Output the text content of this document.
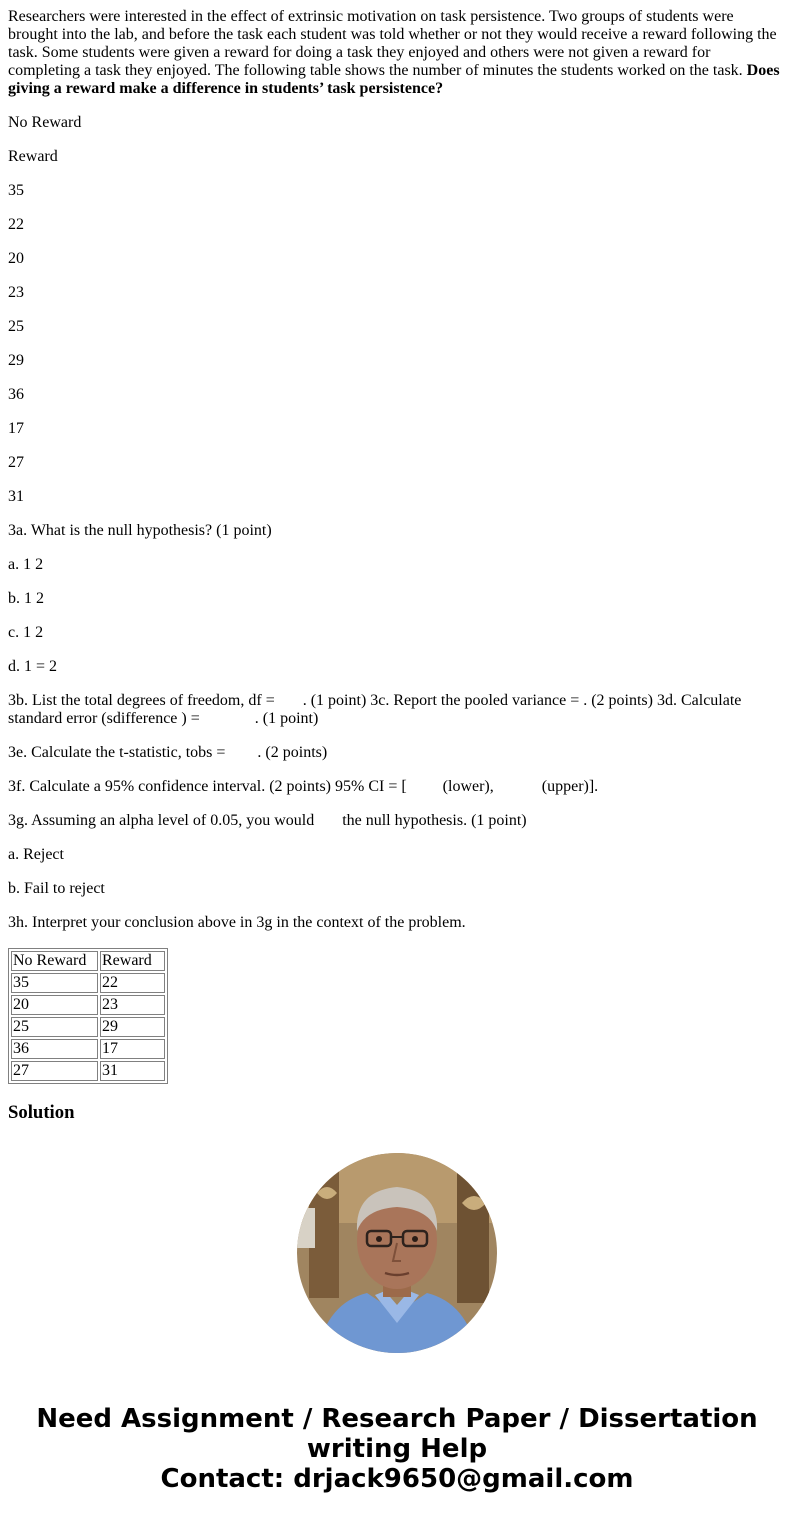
Researchers were interested in the effect of extrinsic motivation on task persistence. Two groups of students were brought into the lab, and before the task each student was told whether or not they would receive a reward following the task. Some students were given a reward for doing a task they enjoyed and others were not given a reward for completing a task they enjoyed. The following table shows the number of minutes the students worked on the task. Does giving a reward make a difference in students’ task persistence?

No Reward

Reward

35

22

20

23

25

29

36

17

27

31

3a. What is the null hypothesis? (1 point)

a. 1 2

b. 1 2

c. 1 2

d. 1 = 2

3b. List the total degrees of freedom, df = . (1 point) 3c. Report the pooled variance = . (2 points) 3d. Calculate standard error (sdifference ) =	. (1 point)

3e. Calculate the t-statistic, tobs = . (2 points)

3f. Calculate a 95% confidence interval. (2 points) 95% CI = [ (lower),	(upper)].

3g. Assuming an alpha level of 0.05, you would the null hypothesis. (1 point)

a. Reject

b. Fail to reject

3h. Interpret your conclusion above in 3g in the context of the problem.

No Reward	Reward
35	22
20	23
25	29
36	17
27	31
Solution
Need Assignment / Research Paper / Dissertation
writing Help
Contact: drjack9650@gmail.com
